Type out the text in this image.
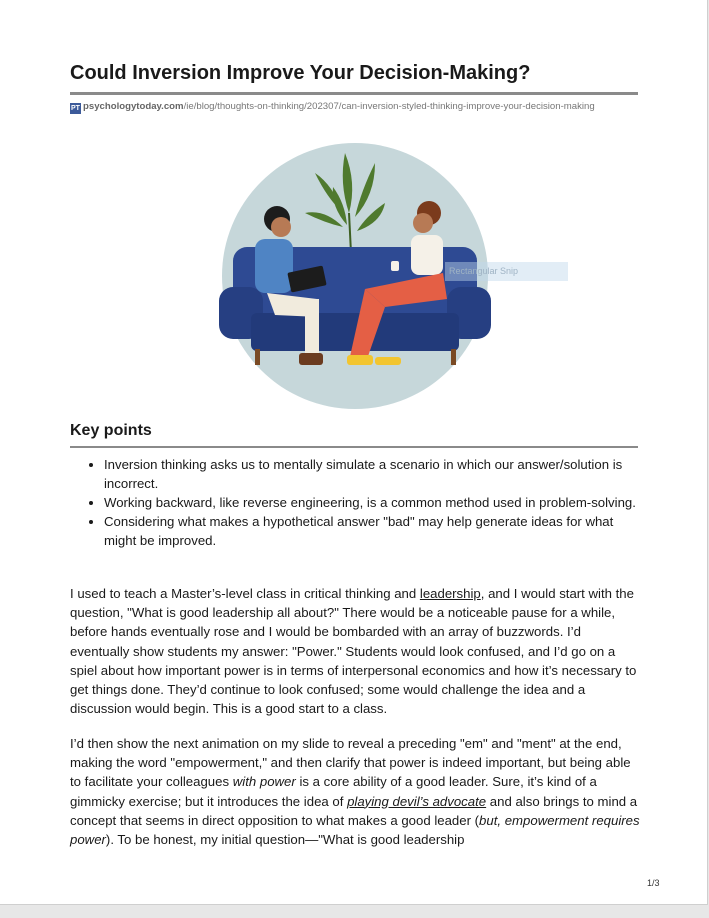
Could Inversion Improve Your Decision-Making?
PT psychologytoday.com/ie/blog/thoughts-on-thinking/202307/can-inversion-styled-thinking-improve-your-decision-making
Rectangular Snip
Key points
• Inversion thinking asks us to mentally simulate a scenario in which our answer/solution is incorrect.
• Working backward, like reverse engineering, is a common method used in problem-solving.
• Considering what makes a hypothetical answer "bad" may help generate ideas for what might be improved.

I used to teach a Master’s-level class in critical thinking and leadership, and I would start with the question, "What is good leadership all about?" There would be a noticeable pause for a while, before hands eventually rose and I would be bombarded with an array of buzzwords. I’d eventually show students my answer: "Power." Students would look confused, and I’d go on a spiel about how important power is in terms of interpersonal economics and how it’s necessary to get things done. They’d continue to look confused; some would challenge the idea and a discussion would begin. This is a good start to a class.

I’d then show the next animation on my slide to reveal a preceding "em" and "ment" at the end, making the word "empowerment," and then clarify that power is indeed important, but being able to facilitate your colleagues with power is a core ability of a good leader. Sure, it’s kind of a gimmicky exercise; but it introduces the idea of playing devil’s advocate and also brings to mind a concept that seems in direct opposition to what makes a good leader (but, empowerment requires power). To be honest, my initial question—"What is good leadership

1/3
